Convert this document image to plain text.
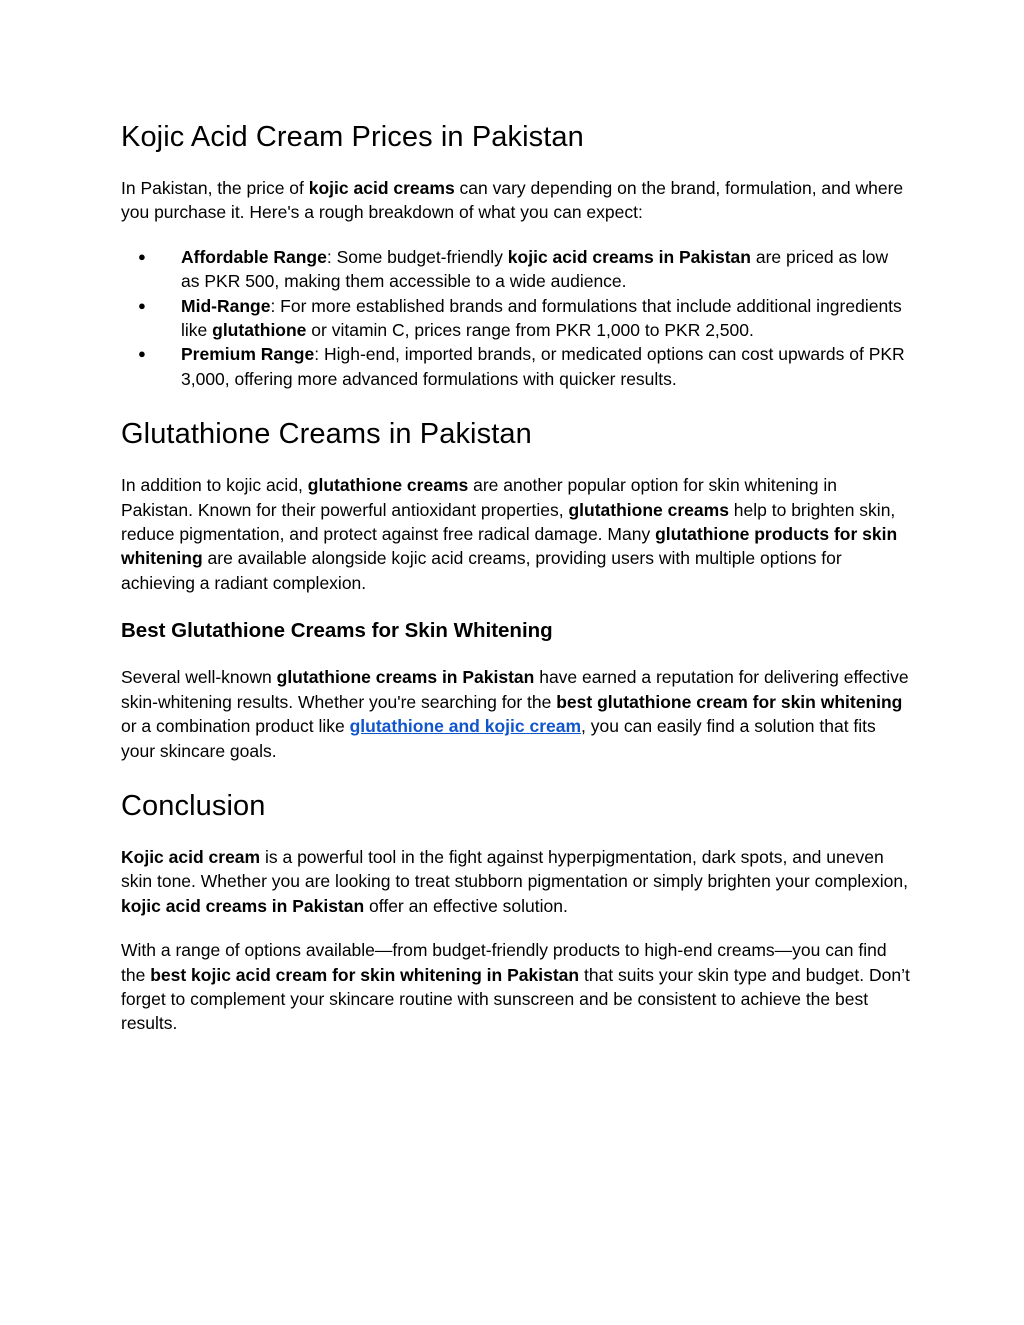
Kojic Acid Cream Prices in Pakistan

In Pakistan, the price of kojic acid creams can vary depending on the brand, formulation, and where you purchase it. Here's a rough breakdown of what you can expect:

● Affordable Range: Some budget-friendly kojic acid creams in Pakistan are priced as low as PKR 500, making them accessible to a wide audience.
● Mid-Range: For more established brands and formulations that include additional ingredients like glutathione or vitamin C, prices range from PKR 1,000 to PKR 2,500.
● Premium Range: High-end, imported brands, or medicated options can cost upwards of PKR 3,000, offering more advanced formulations with quicker results.
Glutathione Creams in Pakistan

In addition to kojic acid, glutathione creams are another popular option for skin whitening in Pakistan. Known for their powerful antioxidant properties, glutathione creams help to brighten skin, reduce pigmentation, and protect against free radical damage. Many glutathione products for skin whitening are available alongside kojic acid creams, providing users with multiple options for achieving a radiant complexion.

Best Glutathione Creams for Skin Whitening

Several well-known glutathione creams in Pakistan have earned a reputation for delivering effective skin-whitening results. Whether you're searching for the best glutathione cream for skin whitening or a combination product like glutathione and kojic cream, you can easily find a solution that fits your skincare goals.

Conclusion

Kojic acid cream is a powerful tool in the fight against hyperpigmentation, dark spots, and uneven skin tone. Whether you are looking to treat stubborn pigmentation or simply brighten your complexion, kojic acid creams in Pakistan offer an effective solution.

With a range of options available—from budget-friendly products to high-end creams—you can find the best kojic acid cream for skin whitening in Pakistan that suits your skin type and budget. Don’t forget to complement your skincare routine with sunscreen and be consistent to achieve the best results.
